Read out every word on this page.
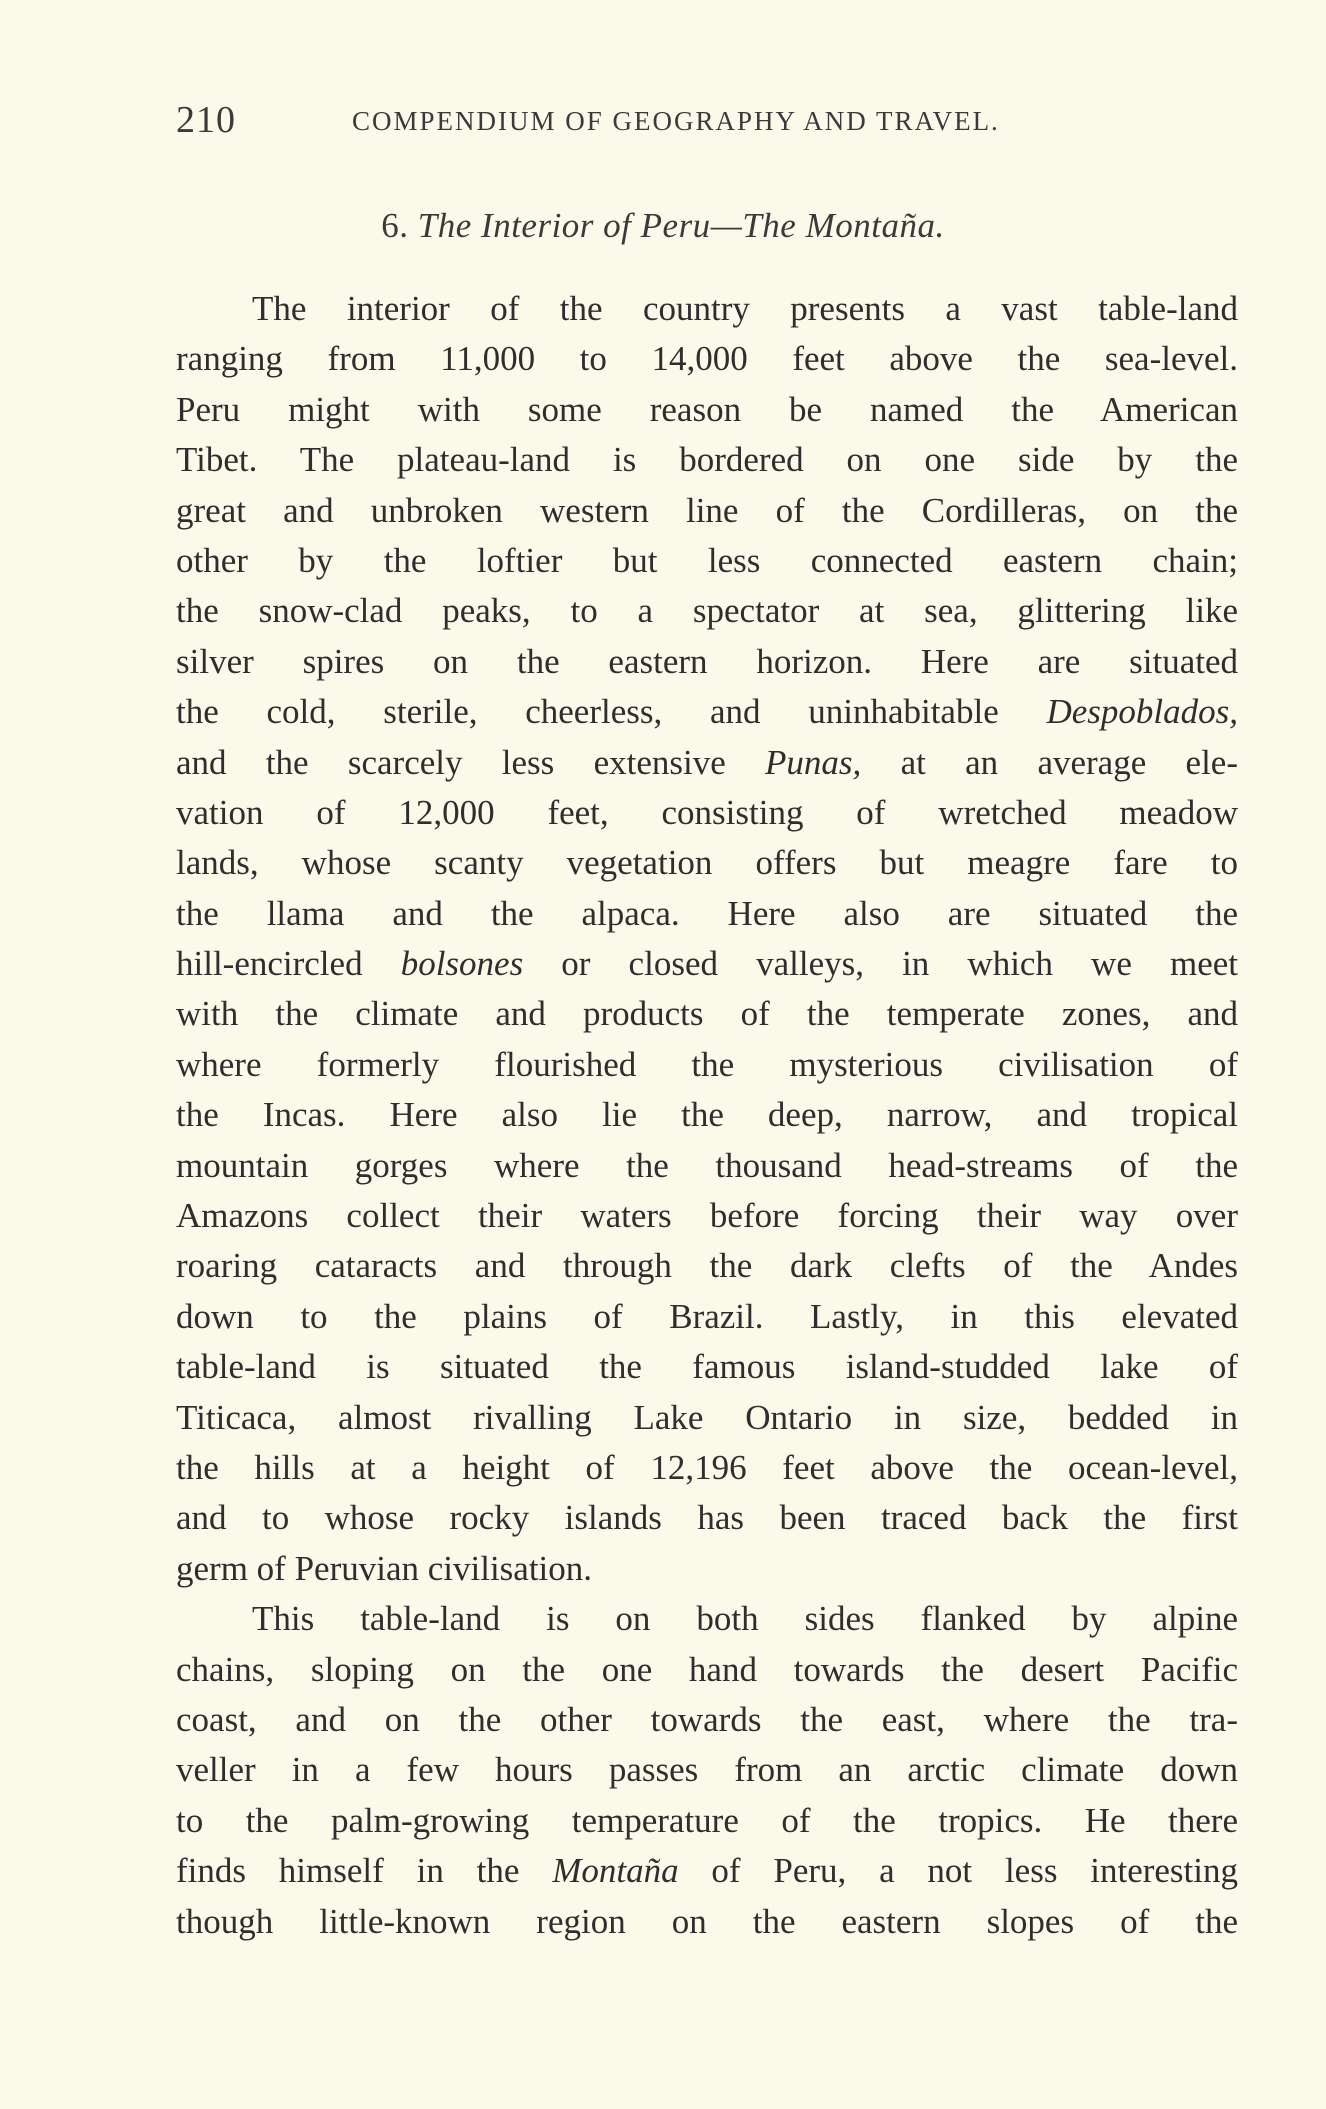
210	COMPENDIUM OF GEOGRAPHY AND TRAVEL.
6. The Interior of Peru—The Montaña.
The interior of the country presents a vast table-land
ranging from 11,000 to 14,000 feet above the sea-level.
Peru might with some reason be named the American
Tibet. The plateau-land is bordered on one side by the
great and unbroken western line of the Cordilleras, on the
other by the loftier but less connected eastern chain;
the snow-clad peaks, to a spectator at sea, glittering like
silver spires on the eastern horizon. Here are situated
the cold, sterile, cheerless, and uninhabitable Despoblados,
and the scarcely less extensive Punas, at an average ele-
vation of 12,000 feet, consisting of wretched meadow
lands, whose scanty vegetation offers but meagre fare to
the llama and the alpaca. Here also are situated the
hill-encircled bolsones or closed valleys, in which we meet
with the climate and products of the temperate zones, and
where formerly flourished the mysterious civilisation of
the Incas. Here also lie the deep, narrow, and tropical
mountain gorges where the thousand head-streams of the
Amazons collect their waters before forcing their way over
roaring cataracts and through the dark clefts of the Andes
down to the plains of Brazil. Lastly, in this elevated
table-land is situated the famous island-studded lake of
Titicaca, almost rivalling Lake Ontario in size, bedded in
the hills at a height of 12,196 feet above the ocean-level,
and to whose rocky islands has been traced back the first
germ of Peruvian civilisation.
This table-land is on both sides flanked by alpine
chains, sloping on the one hand towards the desert Pacific
coast, and on the other towards the east, where the tra-
veller in a few hours passes from an arctic climate down
to the palm-growing temperature of the tropics. He there
finds himself in the Montaña of Peru, a not less interesting
though little-known region on the eastern slopes of the
